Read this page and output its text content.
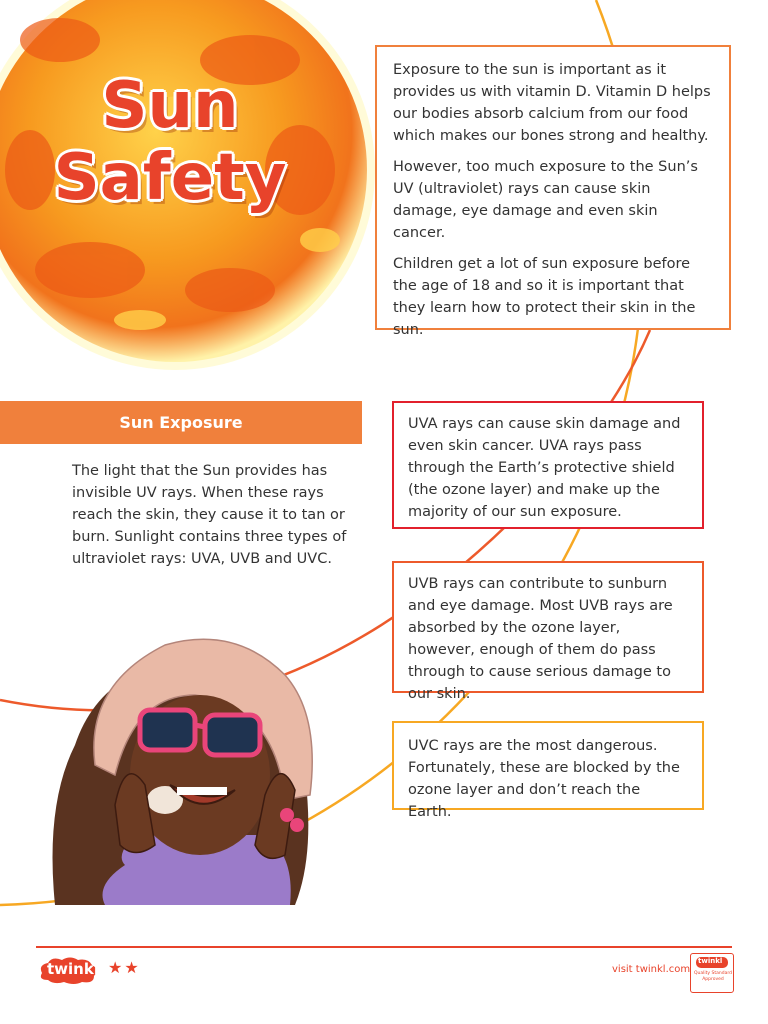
Sun
Safety

Exposure to the sun is important as it provides us with vitamin D. Vitamin D helps our bodies absorb calcium from our food which makes our bones strong and healthy.

However, too much exposure to the Sun’s UV (ultraviolet) rays can cause skin damage, eye damage and even skin cancer.

Children get a lot of sun exposure before the age of 18 and so it is important that they learn how to protect their skin in the sun.

Sun Exposure

The light that the Sun provides has invisible UV rays. When these rays reach the skin, they cause it to tan or burn. Sunlight contains three types of ultraviolet rays: UVA, UVB and UVC.

UVA rays can cause skin damage and even skin cancer. UVA rays pass through the Earth’s protective shield (the ozone layer) and make up the majority of our sun exposure.

UVB rays can contribute to sunburn and eye damage. Most UVB rays are absorbed by the ozone layer, however, enough of them do pass through to cause serious damage to our skin.

UVC rays are the most dangerous. Fortunately, these are blocked by the ozone layer and don’t reach the Earth.

twinkl ★★	visit twinkl.com
twinkl
Quality Standard Approved
